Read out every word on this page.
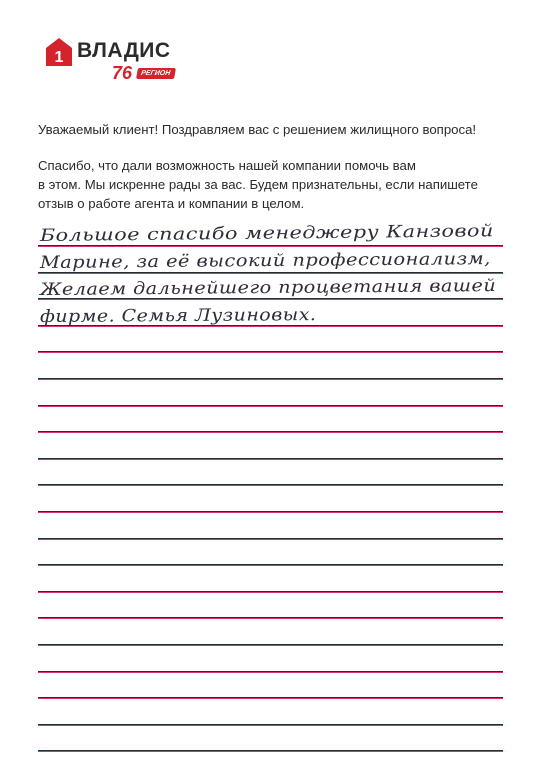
1 ВЛАДИС
76 РЕГИОН
Уважаемый клиент! Поздравляем вас с решением жилищного вопроса!
Спасибо, что дали возможность нашей компании помочь вам
в этом. Мы искренне рады за вас. Будем признательны, если напишете
отзыв о работе агента и компании в целом.
Большое спасибо менеджеру Канзовой
Марине, за её высокий профессионализм,
Желаем дальнейшего процветания вашей
фирме. Семья Лузиновых.
